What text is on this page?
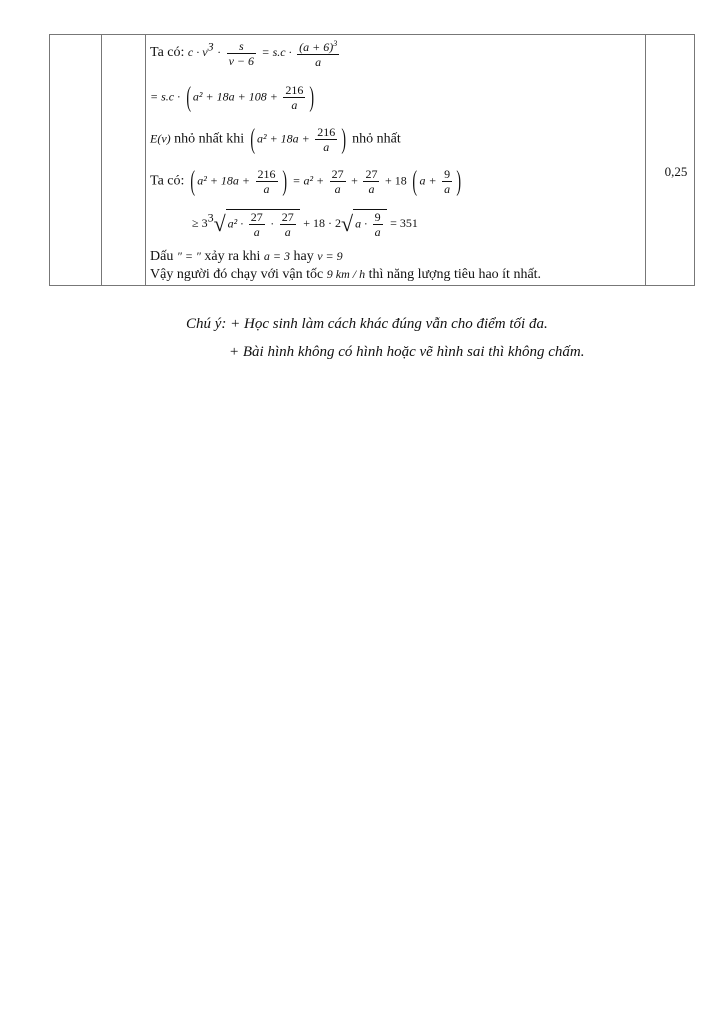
Ta có: $c \cdot v^3 \cdot \frac{s}{v - 6} = s.c \cdot \frac{(a + 6)^3}{a}$
= s.c · ( $a^2 + 18a + 108 + \frac{216}{a}$ )
E(v) nhỏ nhất khi ( $a^2 + 18a + \frac{216}{a}$ ) nhỏ nhất
Ta có: ( $a^2 + 18a + \frac{216}{a}$ ) = $a^2 + \frac{27}{a} + \frac{27}{a} + 18$ ( $a + \frac{9}{a}$ )
≥ $3^3√$ $a^2 \cdot \frac{27}{a} \cdot \frac{27}{a} + 18 \cdot 2√$ $a \cdot \frac{9}{a} = 351$
Dấu ″ = ″ xảy ra khi a = 3 hay v = 9
Vậy người đó chạy với vận tốc 9 km / h thì năng lượng tiêu hao ít nhất.
0,25
Chú ý: + Học sinh làm cách khác đúng vẫn cho điểm tối đa.
+ Bài hình không có hình hoặc vẽ hình sai thì không chấm.
